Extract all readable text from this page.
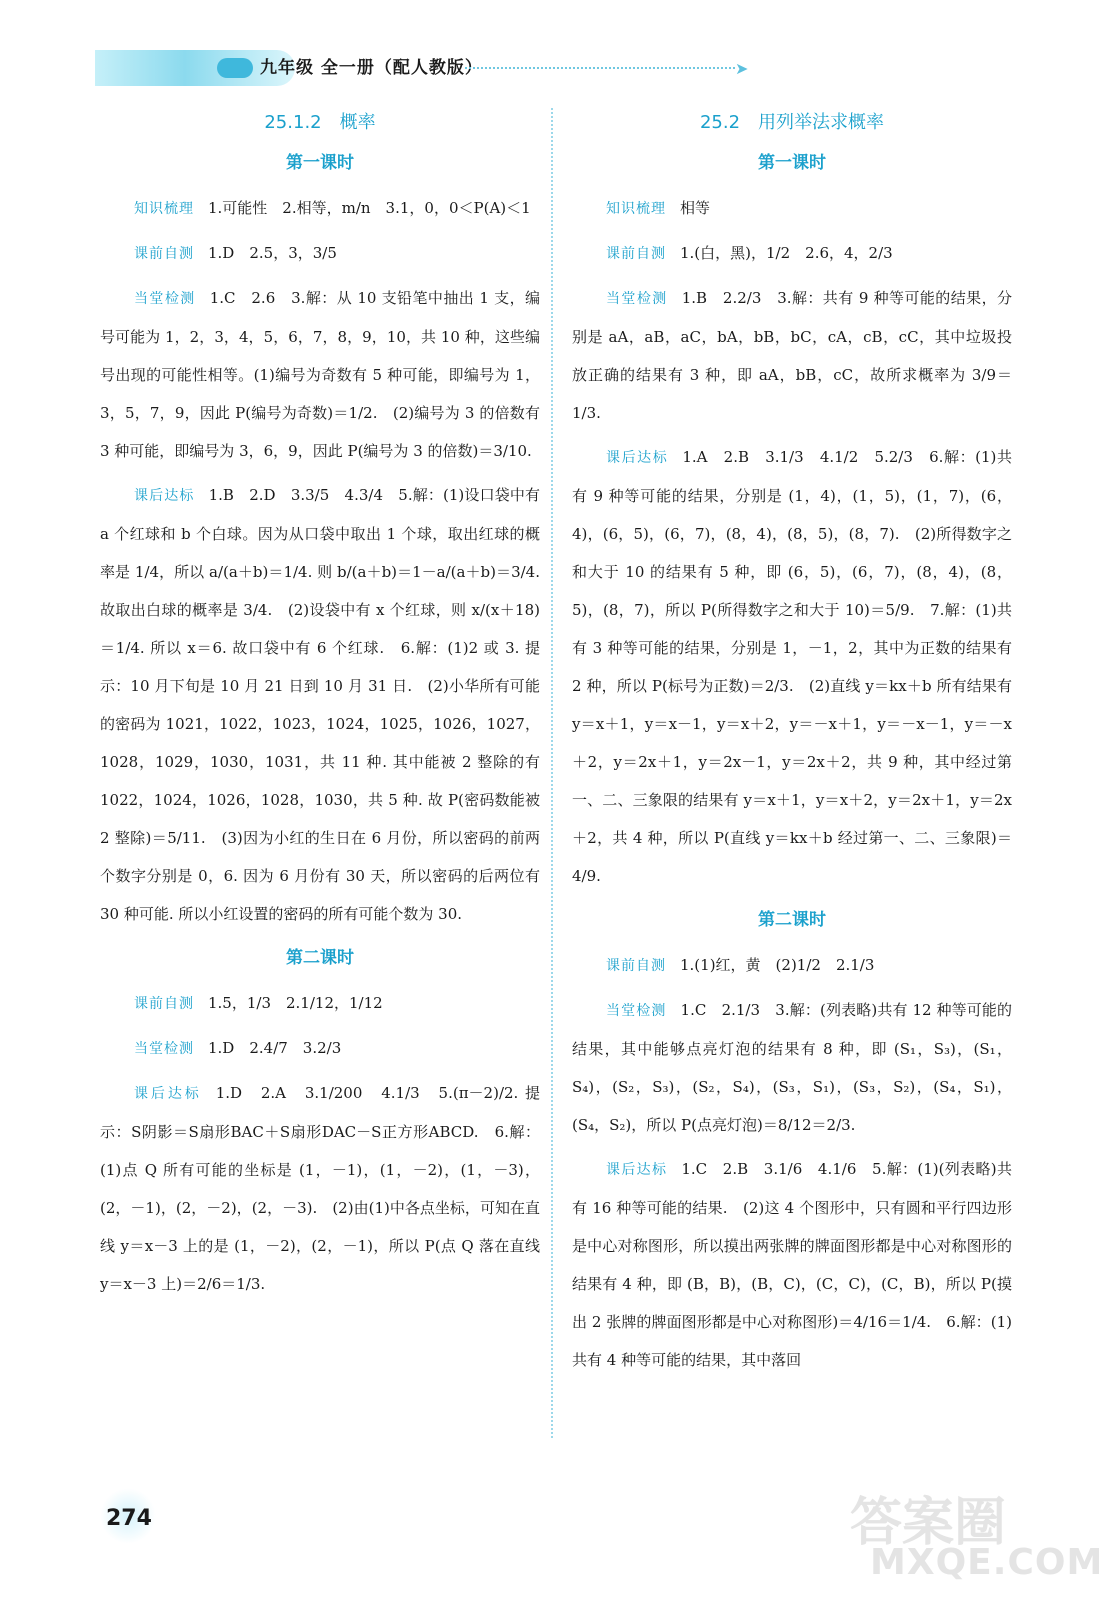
九年级 全一册（配人教版）	➤
25.1.2　概率
第一课时
知识梳理 1.可能性　2.相等，m/n　3.1，0，0＜P(A)＜1
课前自测 1.D　2.5，3，3/5
当堂检测 1.C　2.6　3.解：从 10 支铅笔中抽出 1 支，编号可能为 1，2，3，4，5，6，7，8，9，10，共 10 种，这些编号出现的可能性相等。(1)编号为奇数有 5 种可能，即编号为 1，3，5，7，9，因此 P(编号为奇数)＝1/2.　(2)编号为 3 的倍数有 3 种可能，即编号为 3，6，9，因此 P(编号为 3 的倍数)＝3/10.
课后达标 1.B　2.D　3.3/5　4.3/4　5.解：(1)设口袋中有 a 个红球和 b 个白球。因为从口袋中取出 1 个球，取出红球的概率是 1/4，所以 a/(a＋b)＝1/4. 则 b/(a＋b)＝1－a/(a＋b)＝3/4. 故取出白球的概率是 3/4.　(2)设袋中有 x 个红球，则 x/(x＋18)＝1/4. 所以 x＝6. 故口袋中有 6 个红球.　6.解：(1)2 或 3. 提示：10 月下旬是 10 月 21 日到 10 月 31 日.　(2)小华所有可能的密码为 1021，1022，1023，1024，1025，1026，1027，1028，1029，1030，1031，共 11 种. 其中能被 2 整除的有 1022，1024，1026，1028，1030，共 5 种. 故 P(密码数能被 2 整除)＝5/11.　(3)因为小红的生日在 6 月份，所以密码的前两个数字分别是 0，6. 因为 6 月份有 30 天，所以密码的后两位有 30 种可能. 所以小红设置的密码的所有可能个数为 30.
第二课时
课前自测 1.5，1/3　2.1/12，1/12
当堂检测 1.D　2.4/7　3.2/3
课后达标 1.D　2.A　3.1/200　4.1/3　5.(π－2)/2. 提示：S阴影＝S扇形BAC＋S扇形DAC－S正方形ABCD.　6.解：(1)点 Q 所有可能的坐标是 (1，－1)，(1，－2)，(1，－3)，(2，－1)，(2，－2)，(2，－3).　(2)由(1)中各点坐标，可知在直线 y＝x－3 上的是 (1，－2)，(2，－1)，所以 P(点 Q 落在直线 y＝x－3 上)＝2/6＝1/3.
25.2　用列举法求概率
第一课时
知识梳理 相等
课前自测 1.(白，黑)，1/2　2.6，4，2/3
当堂检测 1.B　2.2/3　3.解：共有 9 种等可能的结果，分别是 aA，aB，aC，bA，bB，bC，cA，cB，cC，其中垃圾投放正确的结果有 3 种，即 aA，bB，cC，故所求概率为 3/9＝1/3.
课后达标 1.A　2.B　3.1/3　4.1/2　5.2/3　6.解：(1)共有 9 种等可能的结果，分别是 (1，4)，(1，5)，(1，7)，(6，4)，(6，5)，(6，7)，(8，4)，(8，5)，(8，7).　(2)所得数字之和大于 10 的结果有 5 种，即 (6，5)，(6，7)，(8，4)，(8，5)，(8，7)，所以 P(所得数字之和大于 10)＝5/9.　7.解：(1)共有 3 种等可能的结果，分别是 1，－1，2，其中为正数的结果有 2 种，所以 P(标号为正数)＝2/3.　(2)直线 y＝kx＋b 所有结果有 y＝x＋1，y＝x－1，y＝x＋2，y＝－x＋1，y＝－x－1，y＝－x＋2，y＝2x＋1，y＝2x－1，y＝2x＋2，共 9 种，其中经过第一、二、三象限的结果有 y＝x＋1，y＝x＋2，y＝2x＋1，y＝2x＋2，共 4 种，所以 P(直线 y＝kx＋b 经过第一、二、三象限)＝4/9.
第二课时
课前自测 1.(1)红，黄　(2)1/2　2.1/3
当堂检测 1.C　2.1/3　3.解：(列表略)共有 12 种等可能的结果，其中能够点亮灯泡的结果有 8 种，即 (S₁，S₃)，(S₁，S₄)，(S₂，S₃)，(S₂，S₄)，(S₃，S₁)，(S₃，S₂)，(S₄，S₁)，(S₄，S₂)，所以 P(点亮灯泡)＝8/12＝2/3.
课后达标 1.C　2.B　3.1/6　4.1/6　5.解：(1)(列表略)共有 16 种等可能的结果.　(2)这 4 个图形中，只有圆和平行四边形是中心对称图形，所以摸出两张牌的牌面图形都是中心对称图形的结果有 4 种，即 (B，B)，(B，C)，(C，C)，(C，B)，所以 P(摸出 2 张牌的牌面图形都是中心对称图形)＝4/16＝1/4.　6.解：(1)共有 4 种等可能的结果，其中落回
274	答案圈
MXQE.COM
